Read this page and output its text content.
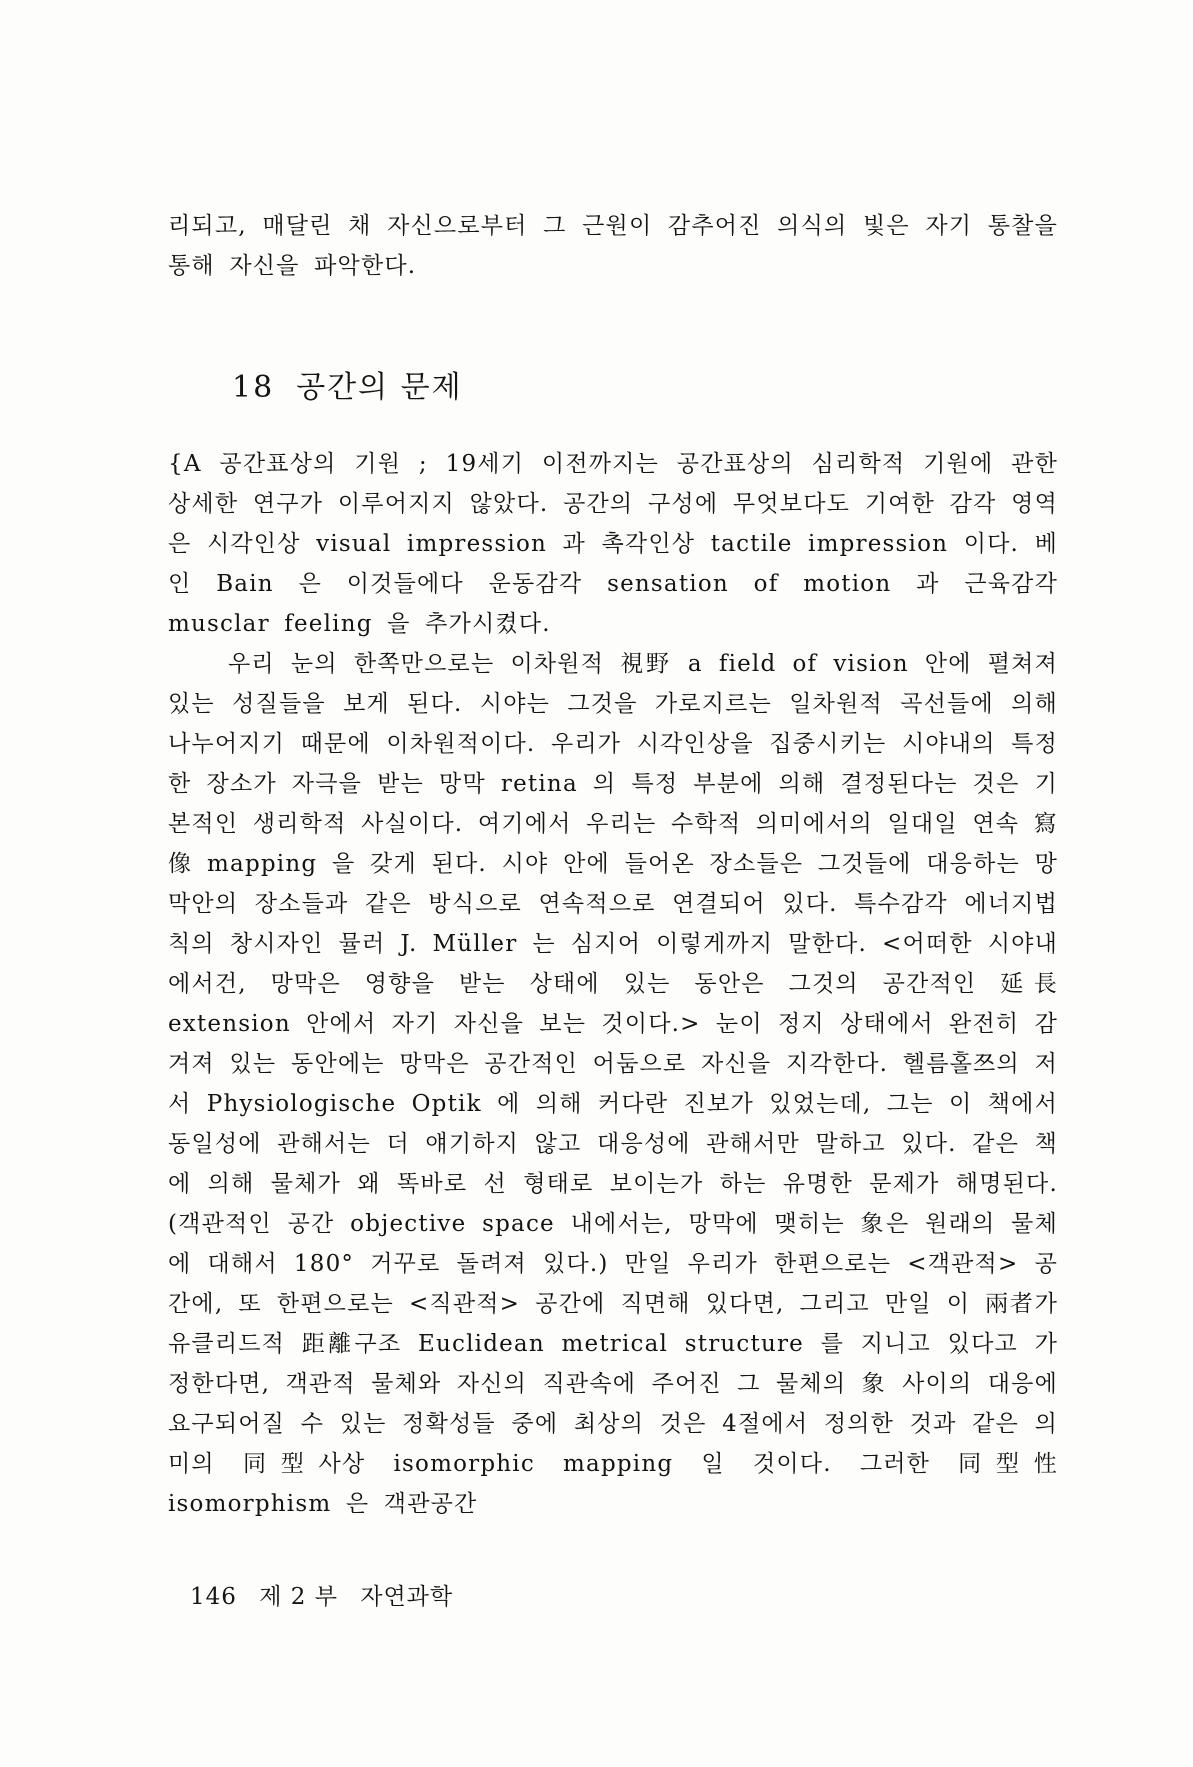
리되고, 매달린 채 자신으로부터 그 근원이 감추어진 의식의 빛은 자기 통찰을 통해 자신을 파악한다.

18 공간의 문제

{A 공간표상의 기원 ; 19세기 이전까지는 공간표상의 심리학적 기원에 관한 상세한 연구가 이루어지지 않았다. 공간의 구성에 무엇보다도 기여한 감각 영역은 시각인상 visual impression 과 촉각인상 tactile impression 이다. 베인 Bain 은 이것들에다 운동감각 sensation of motion 과 근육감각 musclar feeling 을 추가시켰다.

우리 눈의 한쪽만으로는 이차원적 視野 a field of vision 안에 펼쳐져 있는 성질들을 보게 된다. 시야는 그것을 가로지르는 일차원적 곡선들에 의해 나누어지기 때문에 이차원적이다. 우리가 시각인상을 집중시키는 시야내의 특정한 장소가 자극을 받는 망막 retina 의 특정 부분에 의해 결정된다는 것은 기본적인 생리학적 사실이다. 여기에서 우리는 수학적 의미에서의 일대일 연속 寫像 mapping 을 갖게 된다. 시야 안에 들어온 장소들은 그것들에 대응하는 망막안의 장소들과 같은 방식으로 연속적으로 연결되어 있다. 특수감각 에너지법칙의 창시자인 뮬러 J. Müller 는 심지어 이렇게까지 말한다. <어떠한 시야내에서건, 망막은 영향을 받는 상태에 있는 동안은 그것의 공간적인 延長 extension 안에서 자기 자신을 보는 것이다.> 눈이 정지 상태에서 완전히 감겨져 있는 동안에는 망막은 공간적인 어둠으로 자신을 지각한다. 헬름홀쯔의 저서 Physiologische Optik 에 의해 커다란 진보가 있었는데, 그는 이 책에서 동일성에 관해서는 더 얘기하지 않고 대응성에 관해서만 말하고 있다. 같은 책에 의해 물체가 왜 똑바로 선 형태로 보이는가 하는 유명한 문제가 해명된다. (객관적인 공간 objective space 내에서는, 망막에 맺히는 象은 원래의 물체에 대해서 180° 거꾸로 돌려져 있다.) 만일 우리가 한편으로는 <객관적> 공간에, 또 한편으로는 <직관적> 공간에 직면해 있다면, 그리고 만일 이 兩者가 유클리드적 距離구조 Euclidean metrical structure 를 지니고 있다고 가정한다면, 객관적 물체와 자신의 직관속에 주어진 그 물체의 象 사이의 대응에 요구되어질 수 있는 정확성들 중에 최상의 것은 4절에서 정의한 것과 같은 의미의 同型사상 isomorphic mapping 일 것이다. 그러한 同型性 isomorphism 은 객관공간

146 제 2 부 자연과학
